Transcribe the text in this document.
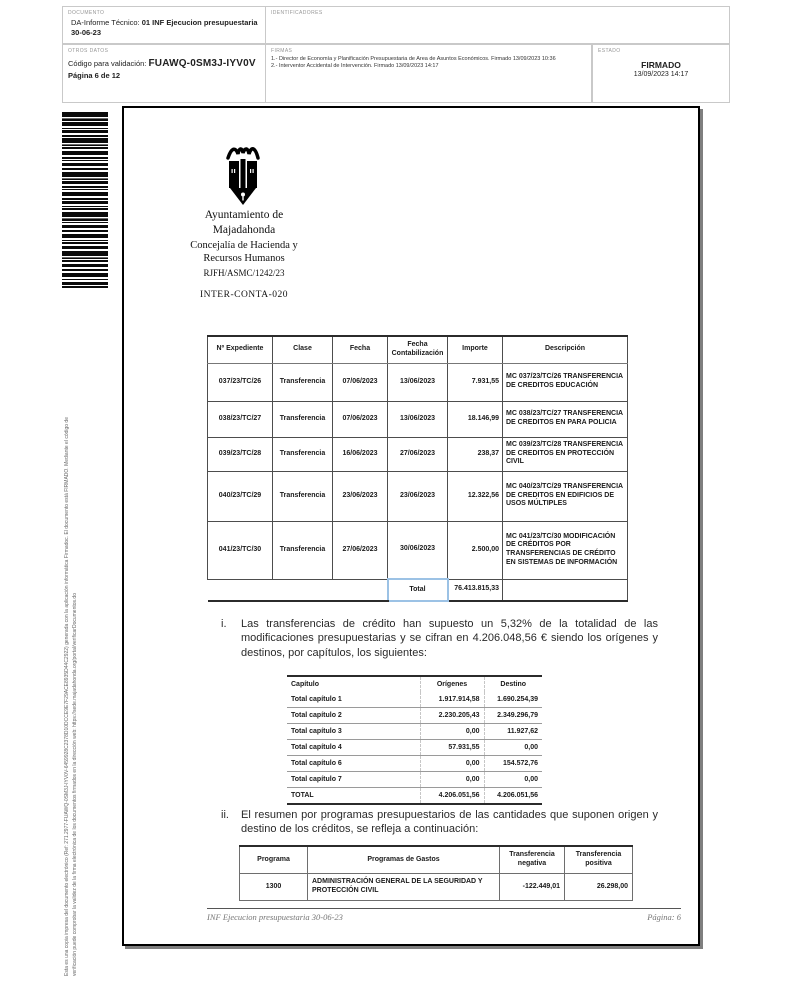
DOCUMENTO
DA-Informe Técnico: 01 INF Ejecucion presupuestaria 30-06-23
IDENTIFICADORES
OTROS DATOS
Código para validación: FUAWQ-0SM3J-IYV0V
Página 6 de 12
FIRMAS
1.- Director de Economía y Planificación Presupuestaria de Area de Asuntos Económicos. Firmado 13/09/2023 10:36
2.- Interventor Accidental de Intervención. Firmado 13/09/2023 14:17
ESTADO
FIRMADO
13/09/2023 14:17
Esta es una copia impresa del documento electrónico (Ref: 271.2977-FUAWQ-0SM3J-IYV0V-6459928C2378D10DCCE9E7F29ACE8935D44C2922) generada con la aplicación informática Firmadoc. El documento está FIRMADO. Mediante el código de verificación puede comprobar la validez de la firma electrónica de los documentos firmados en la dirección web: https://sede.majadahonda.org/portal/verificarDocumentos.do
Ayuntamiento de
Majadahonda
Concejalía de Hacienda y
Recursos Humanos
RJFH/ASMC/1242/23
INTER-CONTA-020
Nº Expediente	Clase	Fecha	Fecha Contabilización	Importe	Descripción
037/23/TC/26	Transferencia	07/06/2023	13/06/2023	7.931,55	MC 037/23/TC/26 TRANSFERENCIA DE CREDITOS EDUCACIÓN
038/23/TC/27	Transferencia	07/06/2023	13/06/2023	18.146,99	MC 038/23/TC/27 TRANSFERENCIA DE CREDITOS EN PARA POLICIA
039/23/TC/28	Transferencia	16/06/2023	27/06/2023	238,37	MC 039/23/TC/28 TRANSFERENCIA DE CREDITOS EN PROTECCIÓN CIVIL
040/23/TC/29	Transferencia	23/06/2023	23/06/2023	12.322,56	MC 040/23/TC/29 TRANSFERENCIA DE CREDITOS EN EDIFICIOS DE USOS MÚLTIPLES
041/23/TC/30	Transferencia	27/06/2023	30/06/2023	2.500,00	MC 041/23/TC/30 MODIFICACIÓN DE CRÉDITOS POR TRANSFERENCIAS DE CRÉDITO EN SISTEMAS DE INFORMACIÓN
			Total	76.413.815,33	
i.	Las transferencias de crédito han supuesto un 5,32% de la totalidad de las modificaciones presupuestarias y se cifran en 4.206.048,56 € siendo los orígenes y destinos, por capítulos, los siguientes:
Capítulo	Orígenes	Destino
Total capítulo 1	1.917.914,58	1.690.254,39
Total capítulo 2	2.230.205,43	2.349.296,79
Total capítulo 3	0,00	11.927,62
Total capítulo 4	57.931,55	0,00
Total capítulo 6	0,00	154.572,76
Total capítulo 7	0,00	0,00
TOTAL	4.206.051,56	4.206.051,56
ii.	El resumen por programas presupuestarios de las cantidades que suponen origen y destino de los créditos, se refleja a continuación:
Programa	Programas de Gastos	Transferencia negativa	Transferencia positiva
1300	ADMINISTRACIÓN GENERAL DE LA SEGURIDAD Y PROTECCIÓN CIVIL	-122.449,01	26.298,00
INF Ejecucion presupuestaria 30-06-23	Página: 6
